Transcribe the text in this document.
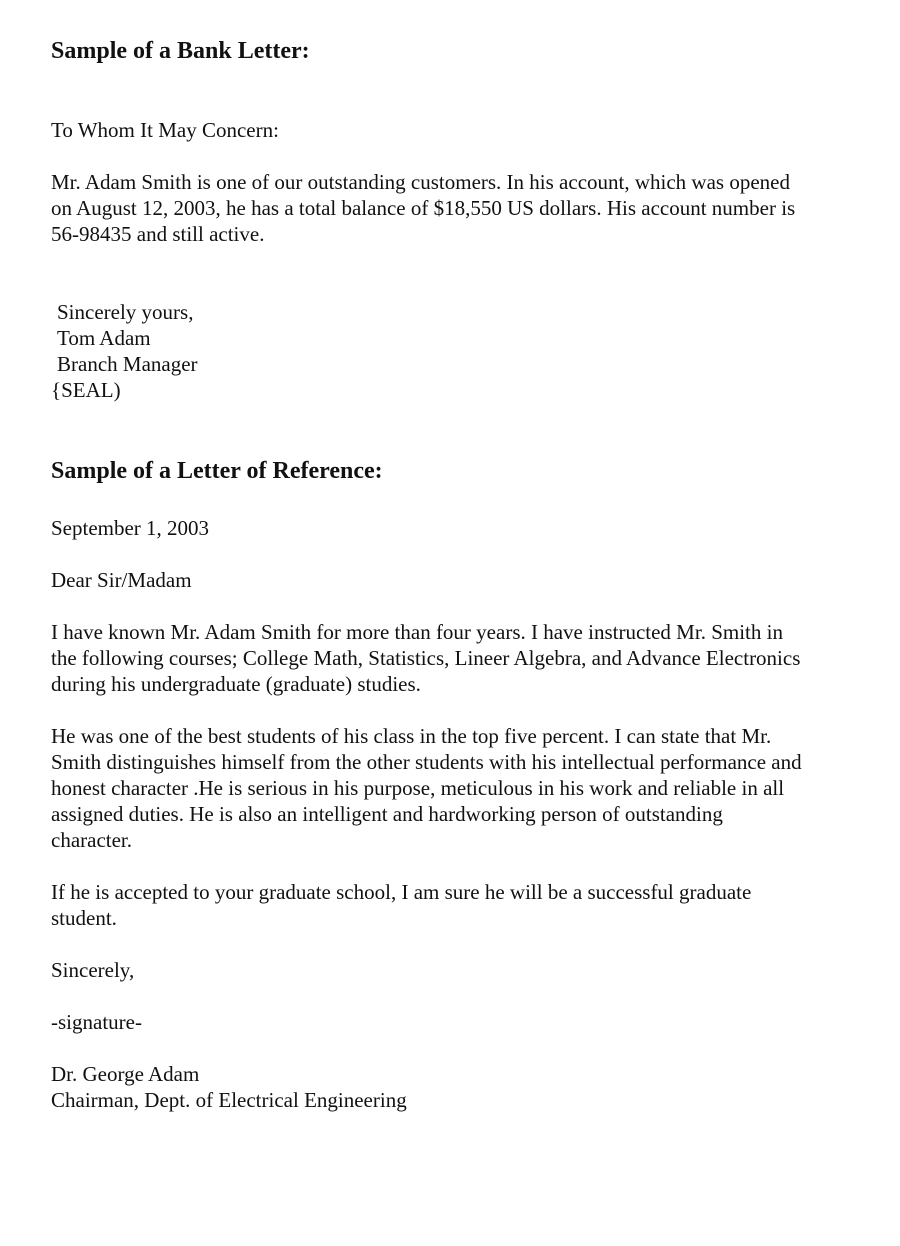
Sample of a Bank Letter:
To Whom It May Concern:
Mr. Adam Smith is one of our outstanding customers. In his account, which was opened
on August 12, 2003, he has a total balance of $18,550 US dollars. His account number is
56-98435 and still active.
Sincerely yours,
Tom Adam
Branch Manager
{SEAL)
Sample of a Letter of Reference:
September 1, 2003
Dear Sir/Madam
I have known Mr. Adam Smith for more than four years. I have instructed Mr. Smith in
the following courses; College Math, Statistics, Lineer Algebra, and Advance Electronics
during his undergraduate (graduate) studies.
He was one of the best students of his class in the top five percent. I can state that Mr.
Smith distinguishes himself from the other students with his intellectual performance and
honest character .He is serious in his purpose, meticulous in his work and reliable in all
assigned duties. He is also an intelligent and hardworking person of outstanding
character.
If he is accepted to your graduate school, I am sure he will be a successful graduate
student.
Sincerely,
-signature-
Dr. George Adam
Chairman, Dept. of Electrical Engineering
